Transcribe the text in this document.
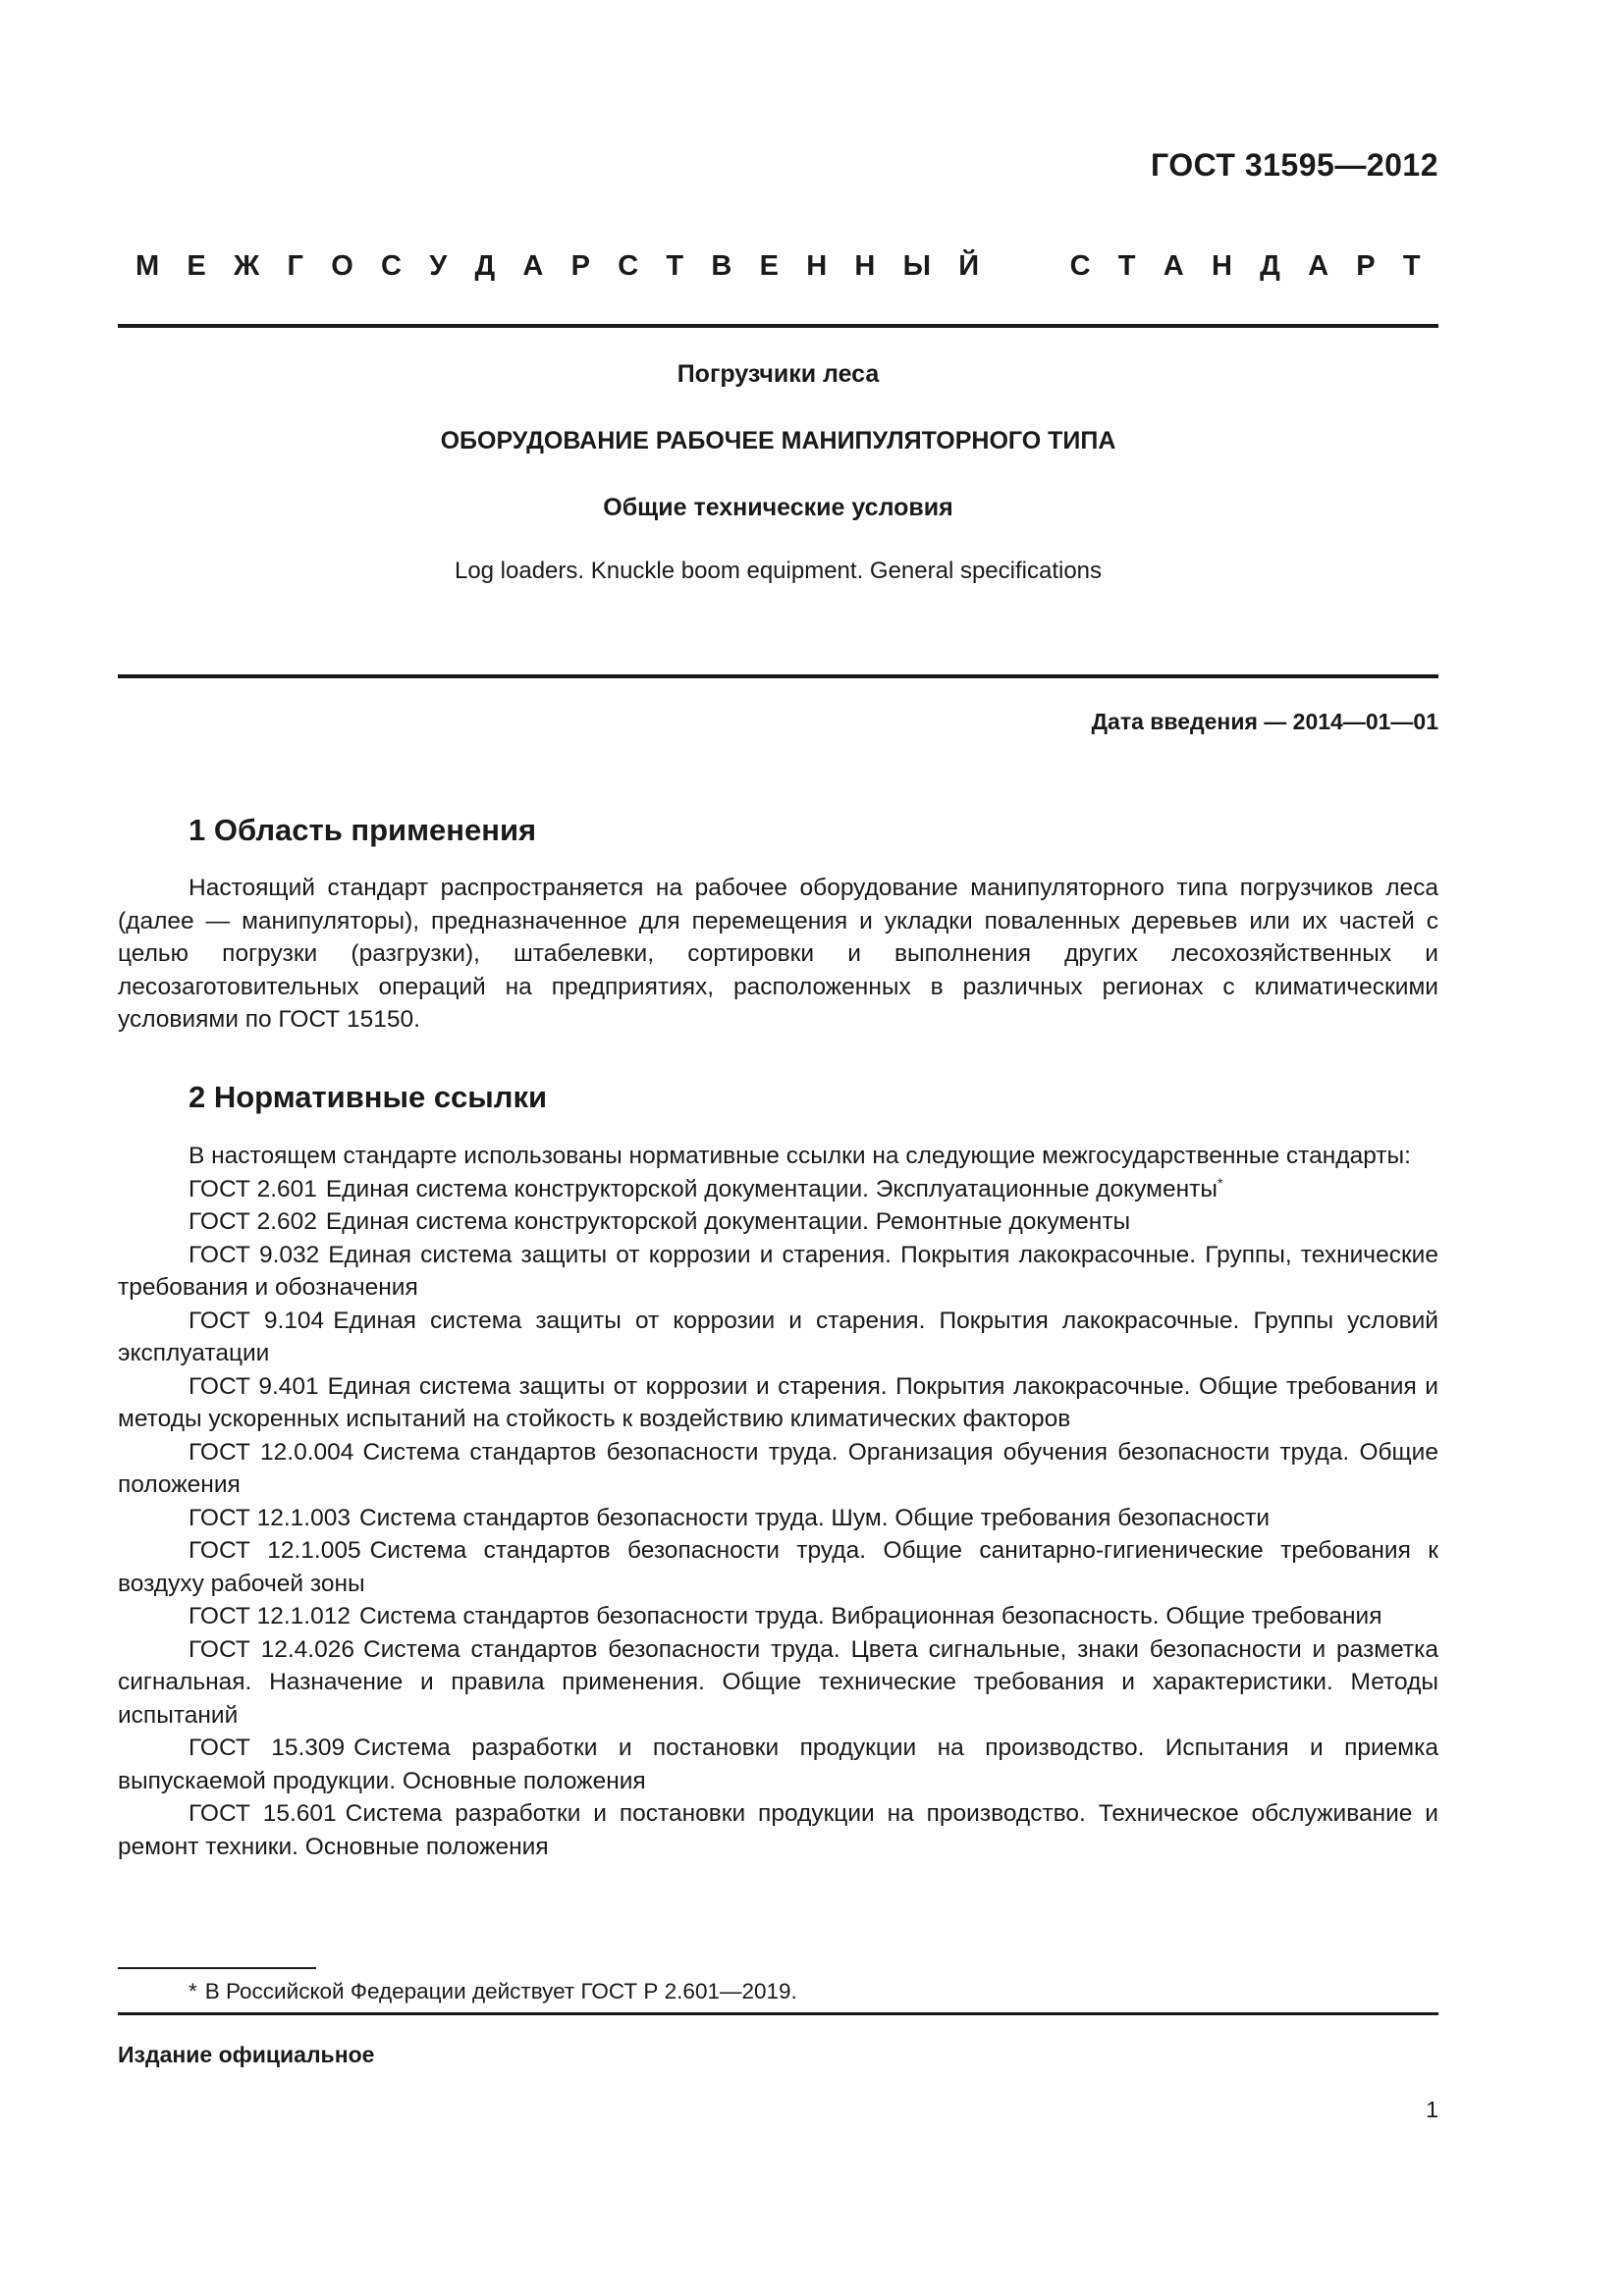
ГОСТ 31595—2012
М Е Ж Г О С У Д А Р С Т В Е Н Н Ы Й	С Т А Н Д А Р Т
Погрузчики леса
ОБОРУДОВАНИЕ РАБОЧЕЕ МАНИПУЛЯТОРНОГО ТИПА
Общие технические условия
Log loaders. Knuckle boom equipment. General specifications
Дата введения — 2014—01—01
1 Область применения

Настоящий стандарт распространяется на рабочее оборудование манипуляторного типа погрузчиков леса (далее — манипуляторы), предназначенное для перемещения и укладки поваленных деревьев или их частей с целью погрузки (разгрузки), штабелевки, сортировки и выполнения других лесохозяйственных и лесозаготовительных операций на предприятиях, расположенных в различных регионах с климатическими условиями по ГОСТ 15150.

2 Нормативные ссылки

В настоящем стандарте использованы нормативные ссылки на следующие межгосударственные стандарты:

ГОСТ 2.601 Единая система конструкторской документации. Эксплуатационные документы*

ГОСТ 2.602 Единая система конструкторской документации. Ремонтные документы

ГОСТ 9.032 Единая система защиты от коррозии и старения. Покрытия лакокрасочные. Группы, технические требования и обозначения

ГОСТ 9.104 Единая система защиты от коррозии и старения. Покрытия лакокрасочные. Группы условий эксплуатации

ГОСТ 9.401 Единая система защиты от коррозии и старения. Покрытия лакокрасочные. Общие требования и методы ускоренных испытаний на стойкость к воздействию климатических факторов

ГОСТ 12.0.004 Система стандартов безопасности труда. Организация обучения безопасности труда. Общие положения

ГОСТ 12.1.003 Система стандартов безопасности труда. Шум. Общие требования безопасности

ГОСТ 12.1.005 Система стандартов безопасности труда. Общие санитарно-гигиенические требования к воздуху рабочей зоны

ГОСТ 12.1.012 Система стандартов безопасности труда. Вибрационная безопасность. Общие требования

ГОСТ 12.4.026 Система стандартов безопасности труда. Цвета сигнальные, знаки безопасности и разметка сигнальная. Назначение и правила применения. Общие технические требования и характеристики. Методы испытаний

ГОСТ 15.309 Система разработки и постановки продукции на производство. Испытания и приемка выпускаемой продукции. Основные положения

ГОСТ 15.601 Система разработки и постановки продукции на производство. Техническое обслуживание и ремонт техники. Основные положения

* В Российской Федерации действует ГОСТ Р 2.601—2019.
Издание официальное
1
